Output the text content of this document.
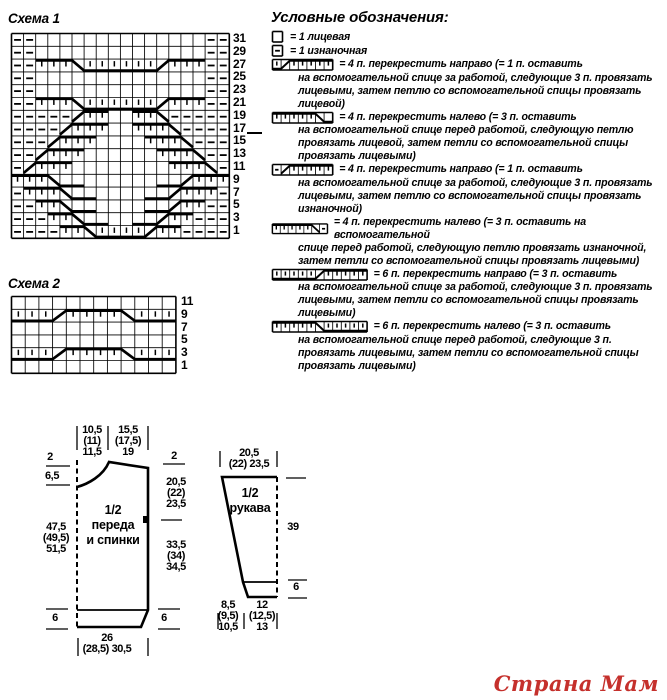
Схема 1
31
29
27
25
23
21
19
17
15
13
11
9
7
5
3
1
Схема 2
11
9
7
5
3
1
Условные обозначения:
= 1 лицевая
= 1 изнаночная
= 4 п. перекрестить направо (= 1 п. оставить
на вспомогательной спице за работой, следующие 3 п. провязать лицевыми, затем петлю со вспомогательной спицы провязать лицевой)
= 4 п. перекрестить налево (= 3 п. оставить
на вспомогательной спице перед работой, следующую петлю провязать лицевой, затем петли со вспомогательной спицы провязать лицевыми)
= 4 п. перекрестить направо (= 1 п. оставить
на вспомогательной спице за работой, следующие 3 п. провязать лицевыми, затем петлю со вспомогательной спицы провязать изнаночной)
= 4 п. перекрестить налево (= 3 п. оставить на вспомогательной
спице перед работой, следующую петлю провязать изнаночной, затем петли со вспомогательной спицы провязать лицевыми)
= 6 п. перекрестить направо (= 3 п. оставить
на вспомогательной спице за работой, следующие 3 п. провязать лицевыми, затем петли со вспомогательной спицы провязать лицевыми)
= 6 п. перекрестить налево (= 3 п. оставить
на вспомогательной спице перед работой, следующие 3 п. провязать лицевыми, затем петли со вспомогательной спицы провязать лицевыми)
10,5
(11)
11,5
15,5
(17,5)
19
2
6,5
47,5
(49,5)
51,5
6
2
20,5
(22)
23,5
33,5
(34)
34,5
6
26
(28,5) 30,5
1/2
переда
и спинки
20,5
(22) 23,5
1/2
рукава
39
6
8,5
(9,5)
10,5
12
(12,5)
13
Страна Мам
